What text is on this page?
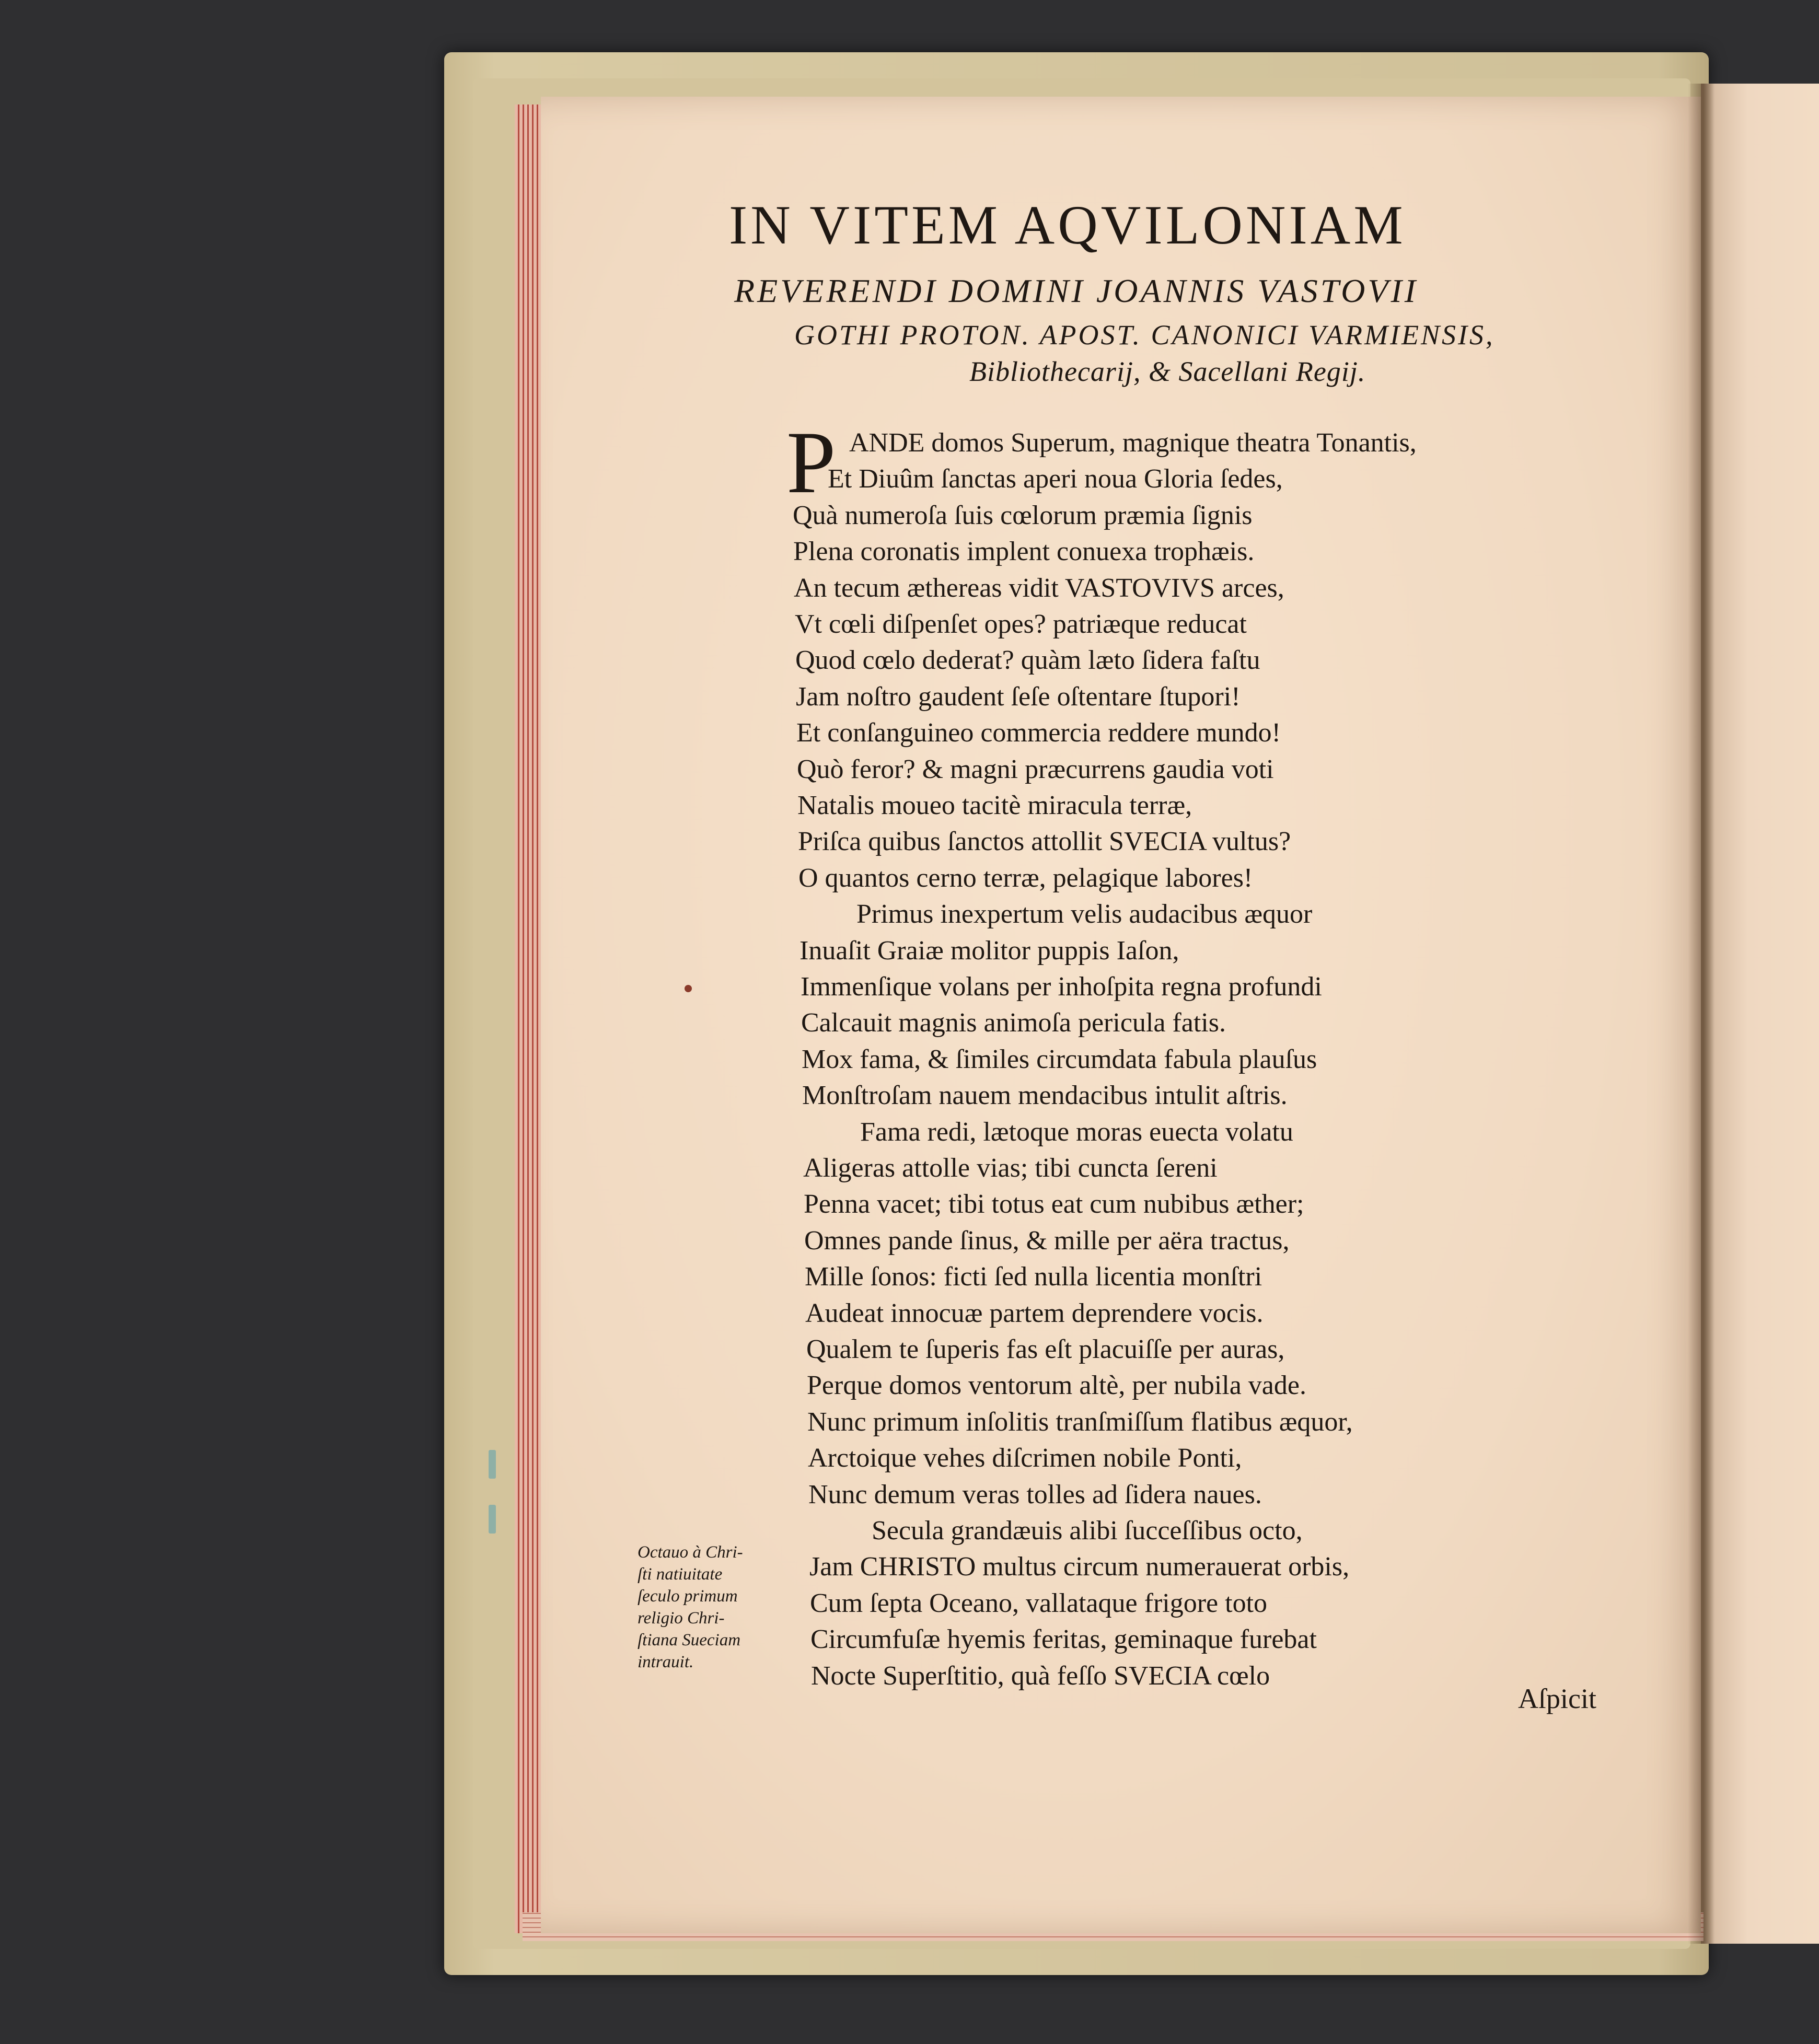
IN VITEM AQVILONIAM
REVERENDI DOMINI JOANNIS VASTOVII
GOTHI PROTON. APOST. CANONICI VARMIENSIS,
Bibliothecarij, & Sacellani Regij.
P ANDE domos Superum, magnique theatra Tonantis,
Et Diuûm ſanctas aperi noua Gloria ſedes,
Quà numeroſa ſuis cœlorum præmia ſignis
Plena coronatis implent conuexa trophæis.
An tecum æthereas vidit VASTOVIVS arces,
Vt cœli diſpenſet opes? patriæque reducat
Quod cœlo dederat? quàm læto ſidera faſtu
Jam noſtro gaudent ſeſe oſtentare ſtupori!
Et conſanguineo commercia reddere mundo!
Quò feror? & magni præcurrens gaudia voti
Natalis moueo tacitè miracula terræ,
Priſca quibus ſanctos attollit SVECIA vultus?
O quantos cerno terræ, pelagique labores!
Primus inexpertum velis audacibus æquor
Inuaſit Graiæ molitor puppis Iaſon,
Immenſique volans per inhoſpita regna profundi
Calcauit magnis animoſa pericula fatis.
Mox fama, & ſimiles circumdata fabula plauſus
Monſtroſam nauem mendacibus intulit aſtris.
Fama redi, lætoque moras euecta volatu
Aligeras attolle vias; tibi cuncta ſereni
Penna vacet; tibi totus eat cum nubibus æther;
Omnes pande ſinus, & mille per aëra tractus,
Mille ſonos: ficti ſed nulla licentia monſtri
Audeat innocuæ partem deprendere vocis.
Qualem te ſuperis fas eſt placuiſſe per auras,
Perque domos ventorum altè, per nubila vade.
Nunc primum inſolitis tranſmiſſum flatibus æquor,
Arctoique vehes diſcrimen nobile Ponti,
Nunc demum veras tolles ad ſidera naues.
Secula grandæuis alibi ſucceſſibus octo,
Jam CHRISTO multus circum numerauerat orbis,
Cum ſepta Oceano, vallataque frigore toto
Circumfuſæ hyemis feritas, geminaque furebat
Nocte Superſtitio, quà feſſo SVECIA cœlo
Octauo à Chri-
ſti natiuitate
ſeculo primum
religio Chri-
ſtiana Sueciam
intrauit.
Aſpicit
